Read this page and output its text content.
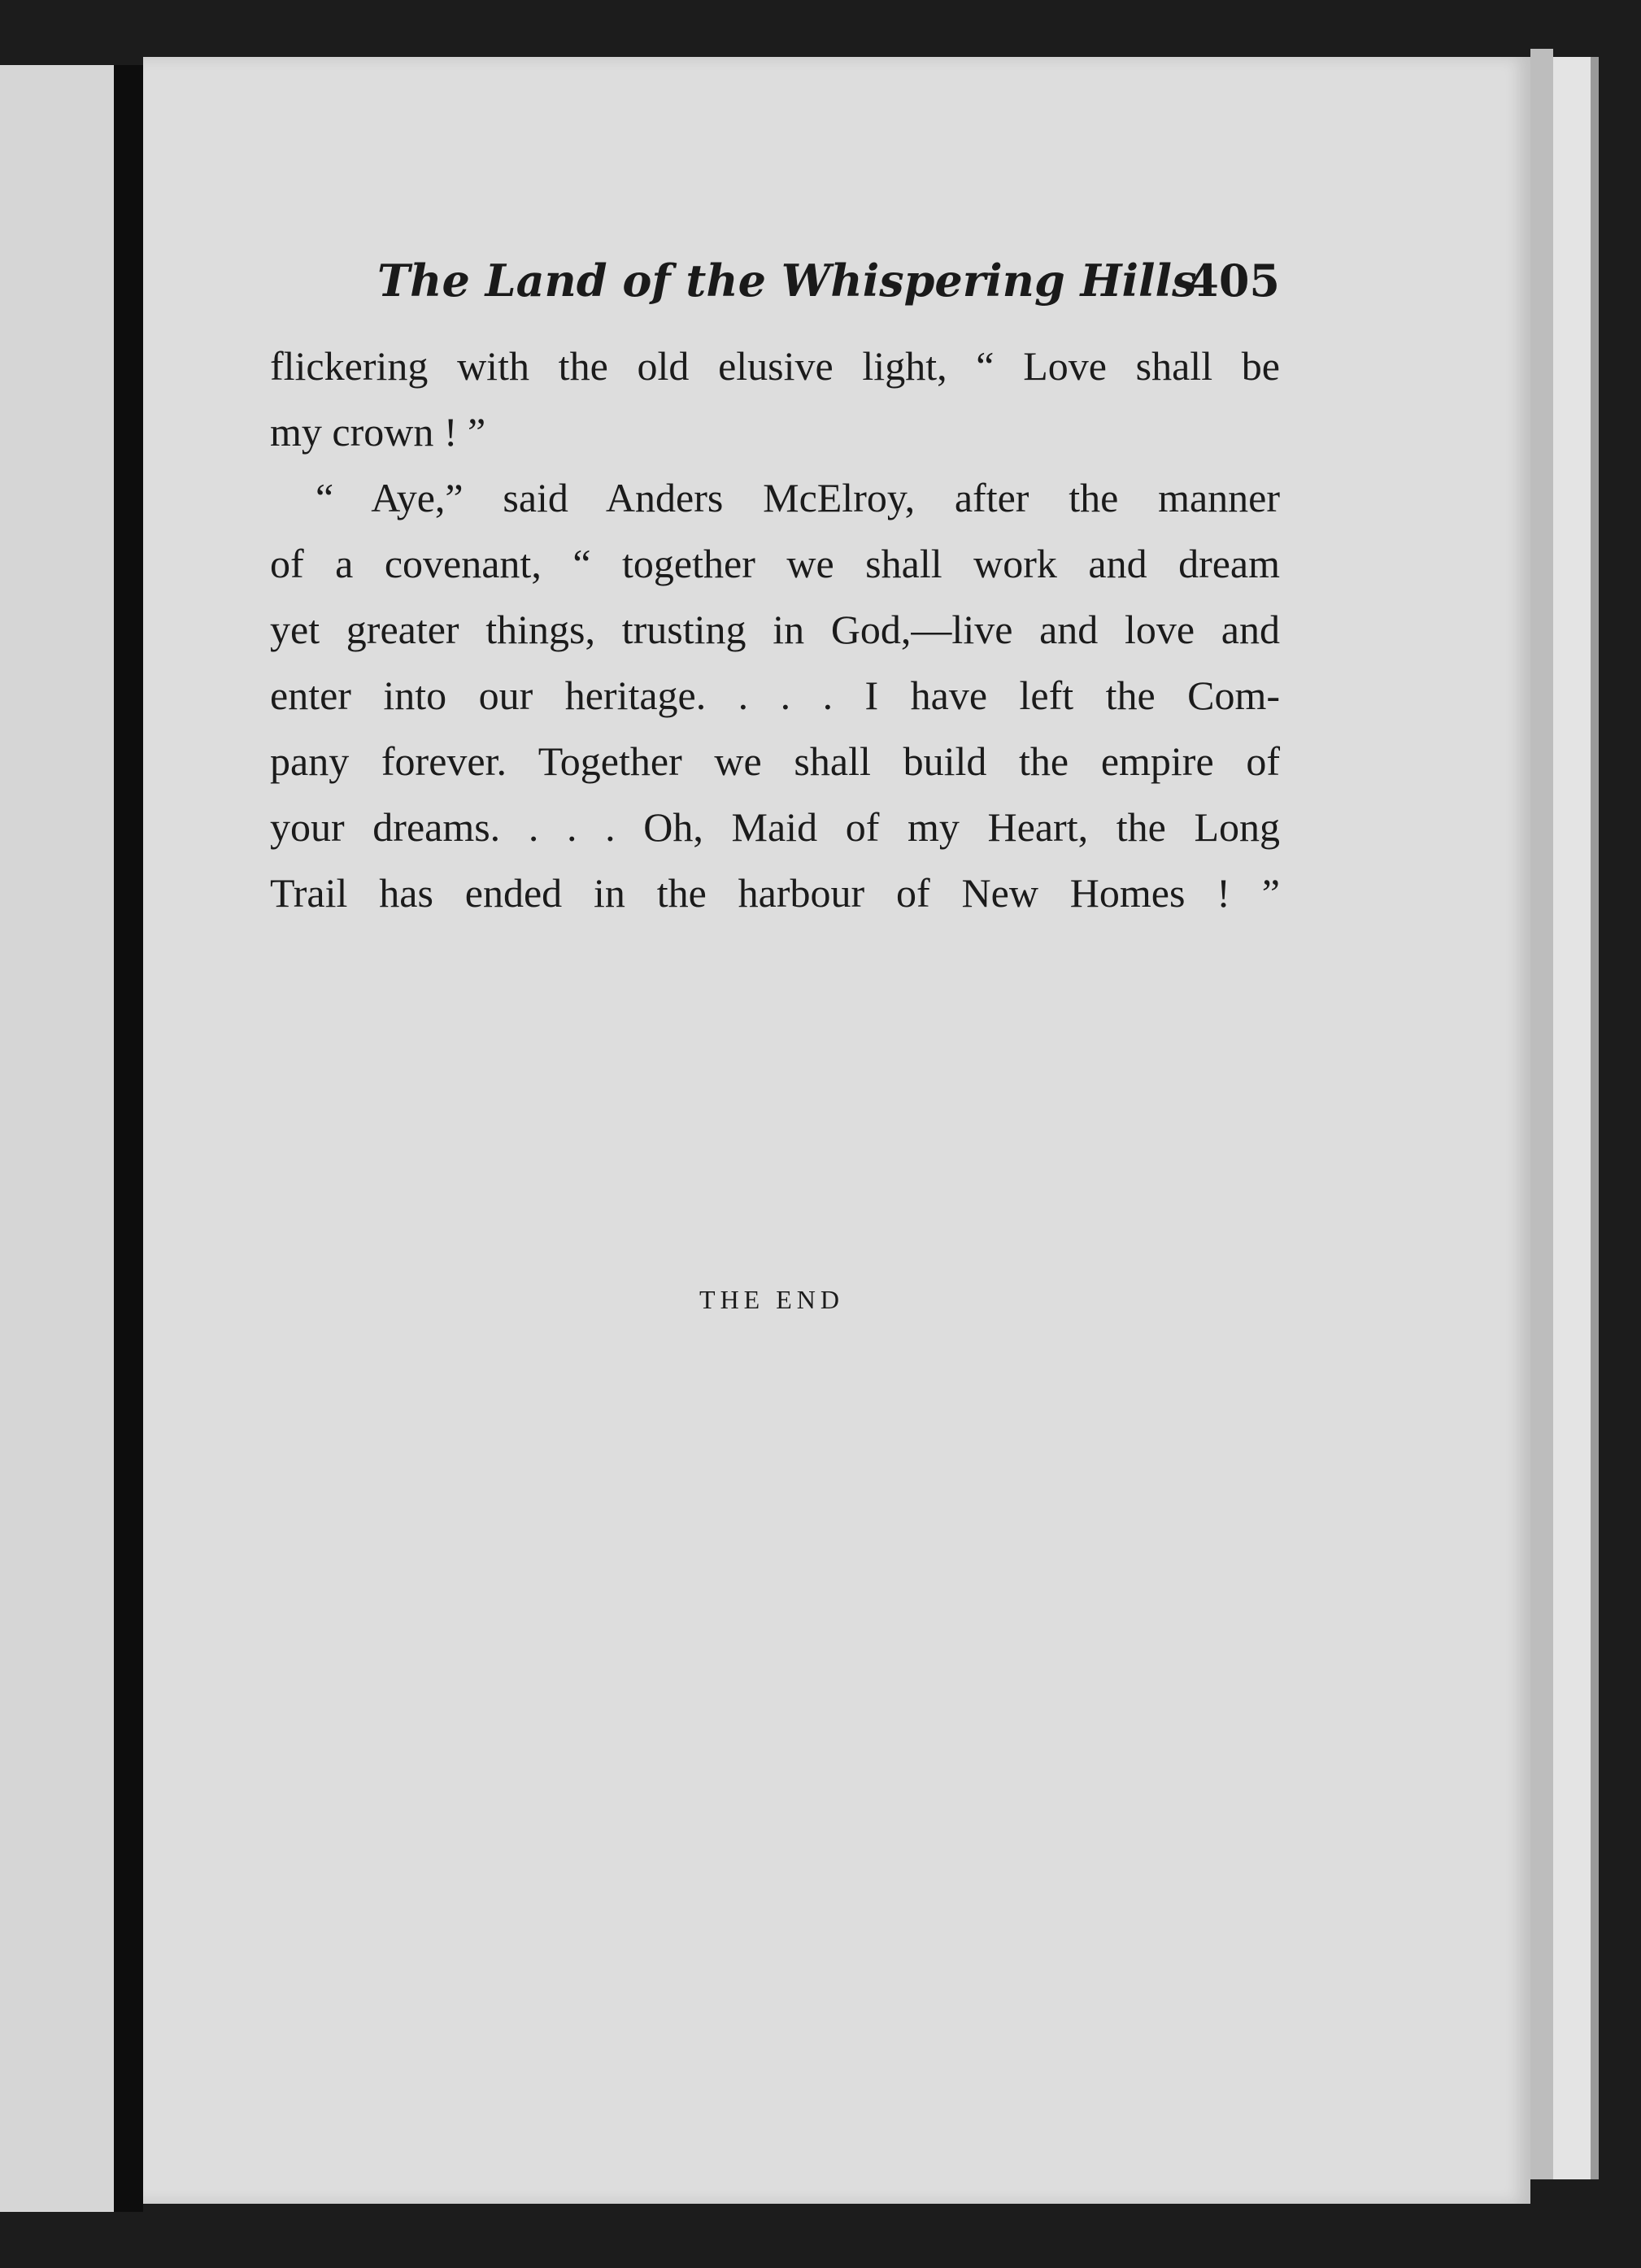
The Land of the Whispering Hills
405
flickering with the old elusive light, “ Love shall be
my crown ! ”
“ Aye,” said Anders McElroy, after the manner
of a covenant, “ together we shall work and dream
yet greater things, trusting in God,—live and love and
enter into our heritage. . . . I have left the Com-
pany forever. Together we shall build the empire of
your dreams. . . . Oh, Maid of my Heart, the Long
Trail has ended in the harbour of New Homes ! ”
THE END
